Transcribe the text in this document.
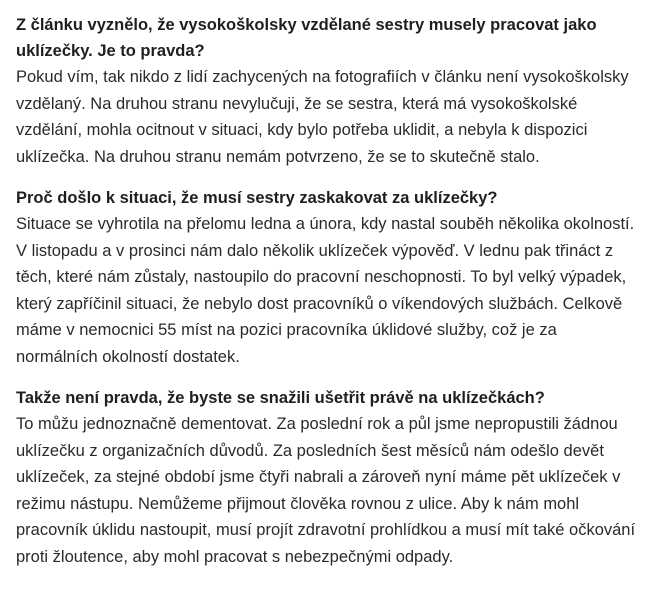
Z článku vyznělo, že vysokoškolsky vzdělané sestry musely pracovat jako uklízečky. Je to pravda?

Pokud vím, tak nikdo z lidí zachycených na fotografiích v článku není vysokoškolsky vzdělaný. Na druhou stranu nevylučuji, že se sestra, která má vysokoškolské vzdělání, mohla ocitnout v situaci, kdy bylo potřeba uklidit, a nebyla k dispozici uklízečka. Na druhou stranu nemám potvrzeno, že se to skutečně stalo.

Proč došlo k situaci, že musí sestry zaskakovat za uklízečky?

Situace se vyhrotila na přelomu ledna a února, kdy nastal souběh několika okolností. V listopadu a v prosinci nám dalo několik uklízeček výpověď. V lednu pak třináct z těch, které nám zůstaly, nastoupilo do pracovní neschopnosti. To byl velký výpadek, který zapříčinil situaci, že nebylo dost pracovníků o víkendových službách. Celkově máme v nemocnici 55 míst na pozici pracovníka úklidové služby, což je za normálních okolností dostatek.

Takže není pravda, že byste se snažili ušetřit právě na uklízečkách?

To můžu jednoznačně dementovat. Za poslední rok a půl jsme nepropustili žádnou uklízečku z organizačních důvodů. Za posledních šest měsíců nám odešlo devět uklízeček, za stejné období jsme čtyři nabrali a zároveň nyní máme pět uklízeček v režimu nástupu. Nemůžeme přijmout člověka rovnou z ulice. Aby k nám mohl pracovník úklidu nastoupit, musí projít zdravotní prohlídkou a musí mít také očkování proti žloutence, aby mohl pracovat s nebezpečnými odpady.
